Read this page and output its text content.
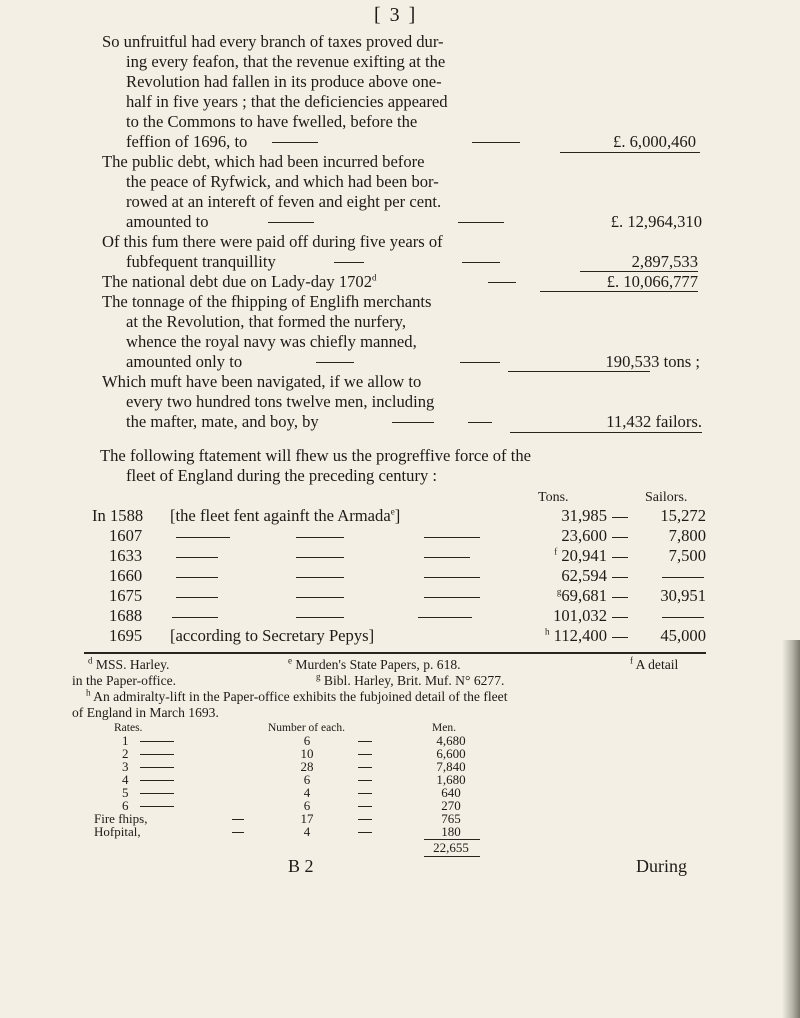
[ 3 ]
So unfruitful had every branch of taxes proved dur-
ing every feafon, that the revenue exifting at the
Revolution had fallen in its produce above one-
half in five years ; that the deficiencies appeared
to the Commons to have fwelled, before the
feffion of 1696, to	£. 6,000,460
The public debt, which had been incurred before
the peace of Ryfwick, and which had been bor-
rowed at an intereft of feven and eight per cent.
amounted to	£. 12,964,310
Of this fum there were paid off during five years of
fubfequent tranquillity	2,897,533
The national debt due on Lady-day 1702$^d$	£. 10,066,777
The tonnage of the fhipping of Englifh merchants
at the Revolution, that formed the nurfery,
whence the royal navy was chiefly manned,
amounted only to	190,533 tons ;
Which muft have been navigated, if we allow to
every two hundred tons twelve men, including
the mafter, mate, and boy, by	11,432 failors.
The following ftatement will fhew us the progreffive force of the
fleet of England during the preceding century :
Tons.	Sailors.
In 1588 [the fleet fent againft the Armada$^e$]	31,985	15,272
1607	23,600	7,800
1633	$^f$ 20,941	7,500
1660	62,594
1675	$^g$69,681	30,951
1688	101,032
1695 [according to Secretary Pepys]	$^h$ 112,400	45,000
$^d$ MSS. Harley.	$^e$ Murden's State Papers, p. 618.	$^f$ A detail
in the Paper-office.	$^g$ Bibl. Harley, Brit. Muf. N° 6277.
$^h$ An admiralty-lift in the Paper-office exhibits the fubjoined detail of the fleet
of England in March 1693.
Rates.	Number of each.	Men.
1	6	4,680
2	10	6,600
3	28	7,840
4	6	1,680
5	4	640
6	6	270
Fire fhips,	17	765
Hofpital,	4	180
22,655
B 2	During
